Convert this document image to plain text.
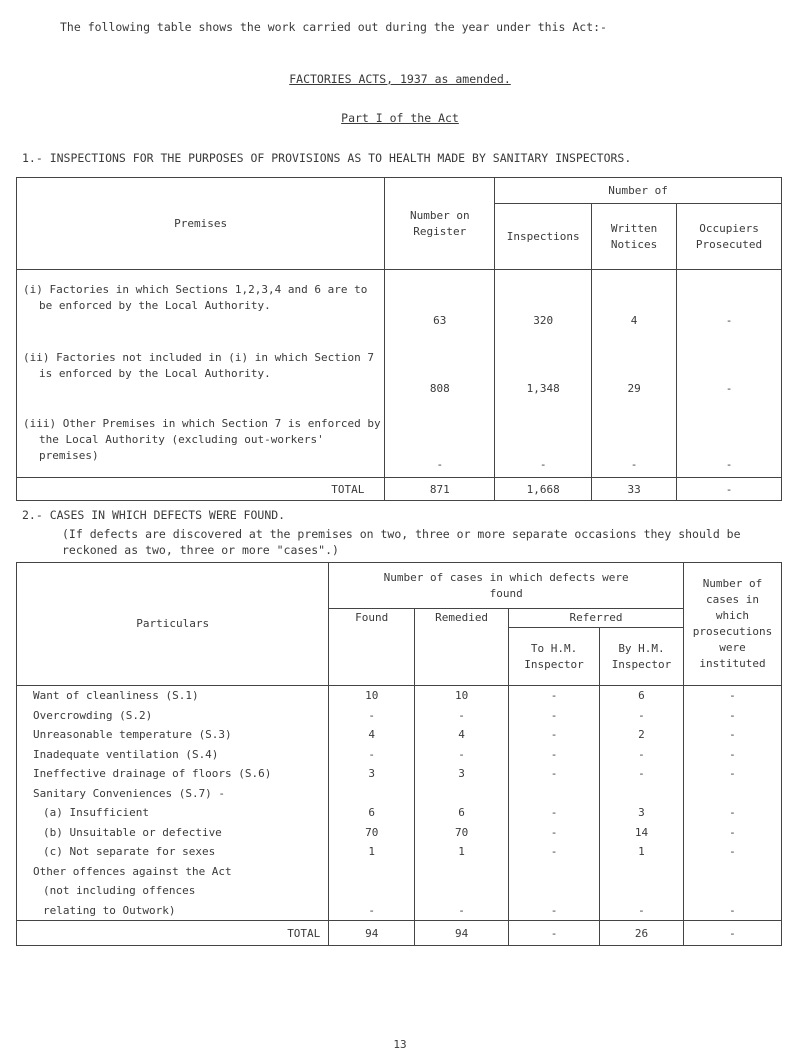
The following table shows the work carried out during the year under this Act:-
FACTORIES ACTS, 1937 as amended.
Part I of the Act
1.- INSPECTIONS FOR THE PURPOSES OF PROVISIONS AS TO HEALTH MADE BY SANITARY INSPECTORS.
Premises	Number on Register	Number of		
		Inspections	Written Notices	Occupiers Prosecuted

(i) Factories in which Sections 1,2,3,4 and 6 are to be enforced by the Local Authority.	63	320	4	-

(ii) Factories not included in (i) in which Section 7 is enforced by the Local Authority.	808	1,348	29	-

(iii) Other Premises in which Section 7 is enforced by the Local Authority (excluding out-workers' premises)	-	-	-	-
TOTAL	871	1,668	33	-
2.- CASES IN WHICH DEFECTS WERE FOUND.
(If defects are discovered at the premises on two, three or more separate occasions they should be reckoned as two, three or more "cases".)
Particulars	Number of cases in which defects were found				Number of cases in which prosecutions were instituted
	Found	Remedied	Referred		
			To H.M. Inspector	By H.M. Inspector	
Want of cleanliness (S.1)	10	10	-	6	-
Overcrowding (S.2)	-	-	-	-	-
Unreasonable temperature (S.3)	4	4	-	2	-
Inadequate ventilation (S.4)	-	-	-	-	-
Ineffective drainage of floors (S.6)	3	3	-	-	-
Sanitary Conveniences (S.7) -					
(a) Insufficient	6	6	-	3	-
(b) Unsuitable or defective	70	70	-	14	-
(c) Not separate for sexes	1	1	-	1	-
Other offences against the Act					
(not including offences					
relating to Outwork)	-	-	-	-	-
TOTAL	94	94	-	26	-
13
